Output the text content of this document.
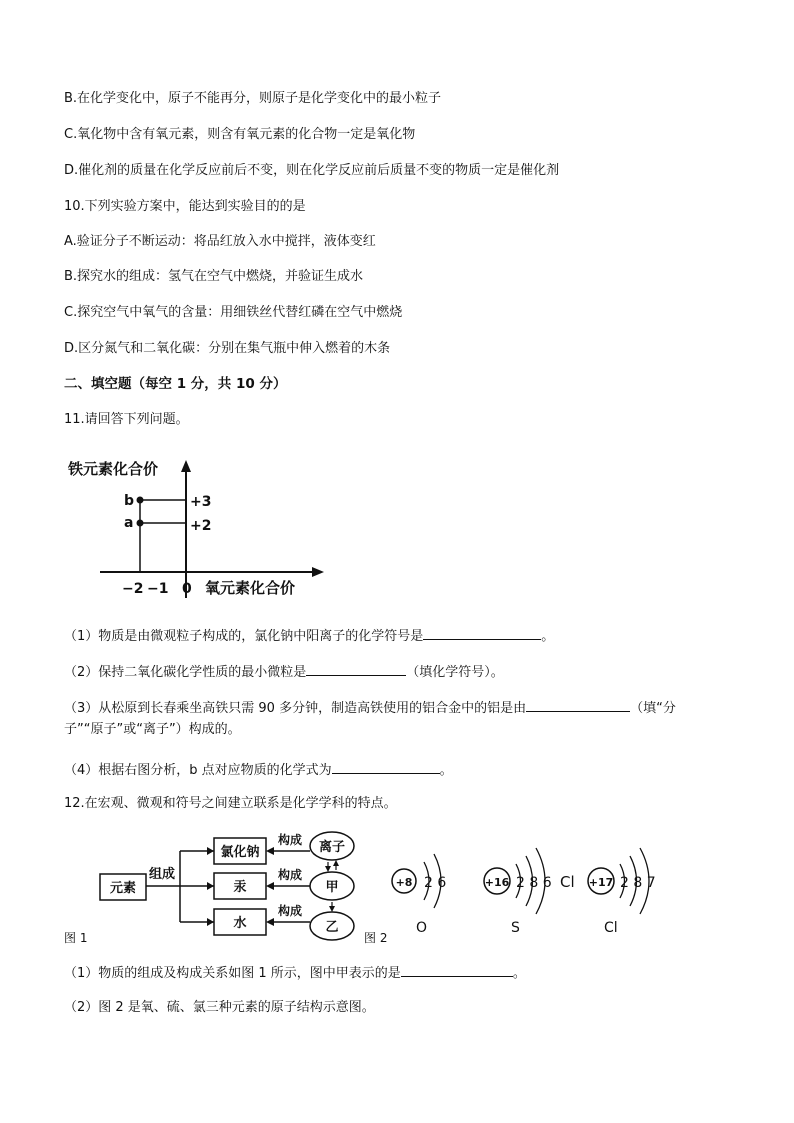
B.在化学变化中，原子不能再分，则原子是化学变化中的最小粒子
C.氧化物中含有氧元素，则含有氧元素的化合物一定是氧化物
D.催化剂的质量在化学反应前后不变，则在化学反应前后质量不变的物质一定是催化剂
10.下列实验方案中，能达到实验目的的是
A.验证分子不断运动：将品红放入水中搅拌，液体变红
B.探究水的组成：氢气在空气中燃烧，并验证生成水
C.探究空气中氧气的含量：用细铁丝代替红磷在空气中燃烧
D.区分氮气和二氧化碳：分别在集气瓶中伸入燃着的木条
二、填空题（每空 1 分，共 10 分）
11.请回答下列问题。
铁元素化合价
b
a
+3
+2
−2 −1 0 氧元素化合价
（1）物质是由微观粒子构成的，氯化钠中阳离子的化学符号是	。
（2）保持二氧化碳化学性质的最小微粒是	（填化学符号）。
（3）从松原到长春乘坐高铁只需 90 多分钟，制造高铁使用的铝合金中的铝是由	（填“分
子”“原子”或“离子”）构成的。
（4）根据右图分析，b 点对应物质的化学式为	。
12.在宏观、微观和符号之间建立联系是化学学科的特点。
元素
组成
氯化钠
汞
水
构成
构成
构成
离子
甲
乙
图 1
+8 2 6
O
+16 2 8 6
S
Cl +17 2 8 7
Cl
图 2
（1）物质的组成及构成关系如图 1 所示，图中甲表示的是	。
（2）图 2 是氧、硫、氯三种元素的原子结构示意图。
